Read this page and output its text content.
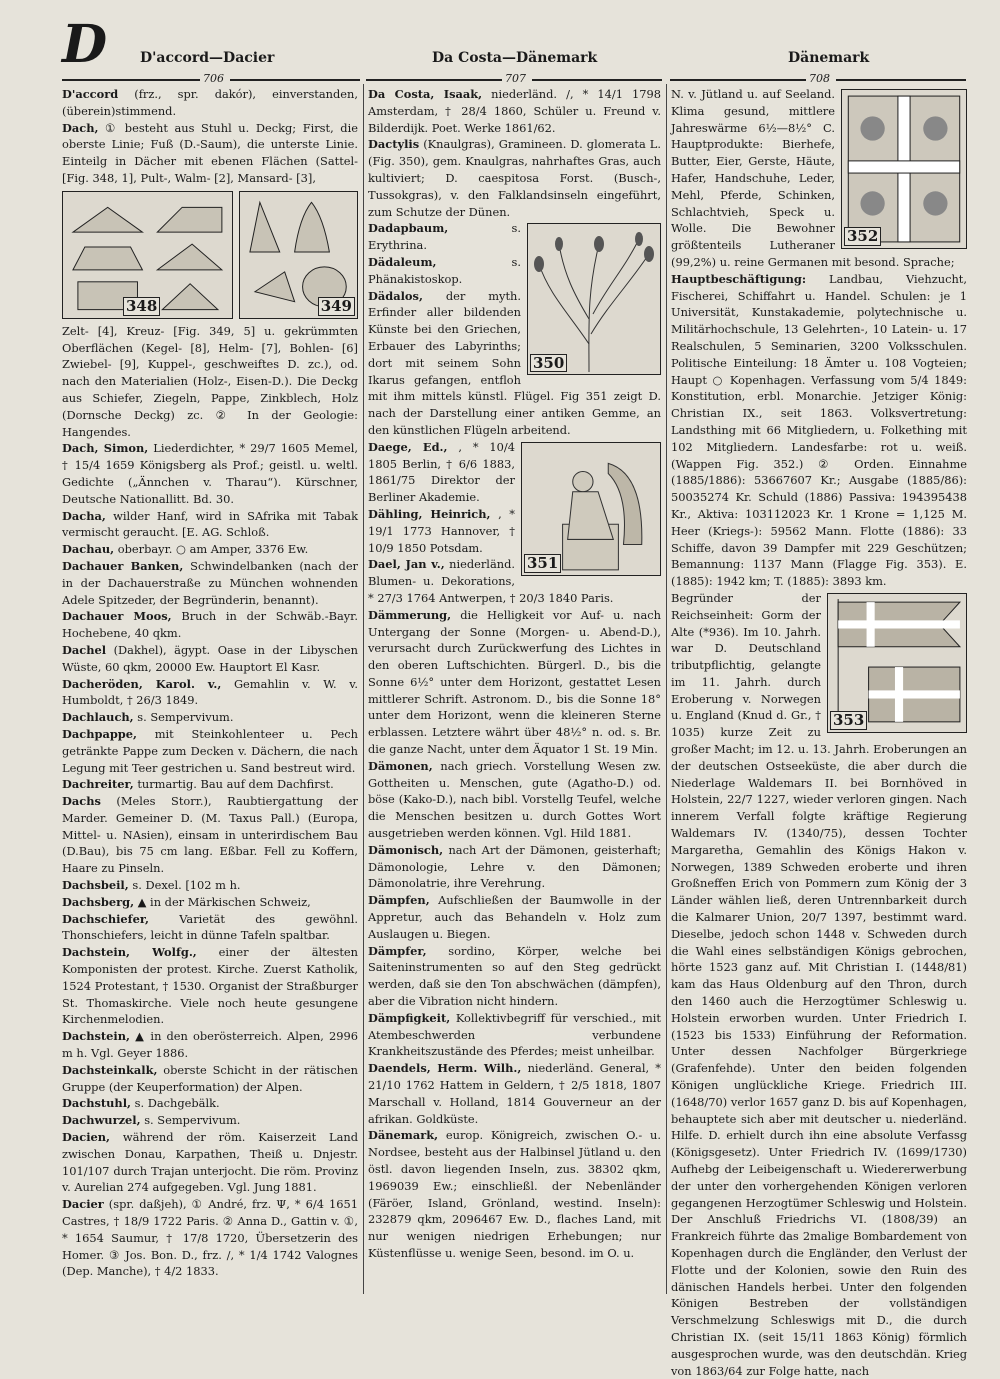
D D'accord—Dacier	Da Costa—Dänemark	Dänemark
706	707	708

D'accord (frz., spr. dakór), einverstanden, (überein)stimmend.

Dach, ① besteht aus Stuhl u. Deckg; First, die oberste Linie; Fuß (D.-Saum), die unterste Linie. Einteilg in Dächer mit ebenen Flächen (Sattel- [Fig. 348, 1], Pult-, Walm- [2], Mansard- [3],

348	349

Zelt- [4], Kreuz- [Fig. 349, 5] u. gekrümmten Oberflächen (Kegel- [8], Helm- [7], Bohlen- [6] Zwiebel- [9], Kuppel-, geschweiftes D. zc.), od. nach den Materialien (Holz-, Eisen-D.). Die Deckg aus Schiefer, Ziegeln, Pappe, Zinkblech, Holz (Dornsche Deckg) zc. ② In der Geologie: Hangendes.

Dach, Simon, Liederdichter, * 29/7 1605 Memel, † 15/4 1659 Königsberg als Prof.; geistl. u. weltl. Gedichte („Ännchen v. Tharau“). Kürschner, Deutsche Nationallitt. Bd. 30.

Dacha, wilder Hanf, wird in SAfrika mit Tabak vermischt geraucht. [E. AG. Schloß.

Dachau, oberbayr. ○ am Amper, 3376 Ew.

Dachauer Banken, Schwindelbanken (nach der in der Dachauerstraße zu München wohnenden Adele Spitzeder, der Begründerin, benannt).

Dachauer Moos, Bruch in der Schwäb.-Bayr. Hochebene, 40 qkm.

Dachel (Dakhel), ägypt. Oase in der Libyschen Wüste, 60 qkm, 20000 Ew. Hauptort El Kasr.

Dacheröden, Karol. v., Gemahlin v. W. v. Humboldt, † 26/3 1849.

Dachlauch, s. Sempervivum.

Dachpappe, mit Steinkohlenteer u. Pech getränkte Pappe zum Decken v. Dächern, die nach Legung mit Teer gestrichen u. Sand bestreut wird.

Dachreiter, turmartig. Bau auf dem Dachfirst.

Dachs (Meles Storr.), Raubtiergattung der Marder. Gemeiner D. (M. Taxus Pall.) (Europa, Mittel- u. NAsien), einsam in unterirdischem Bau (D.Bau), bis 75 cm lang. Eßbar. Fell zu Koffern, Haare zu Pinseln.

Dachsbeil, s. Dexel. [102 m h.

Dachsberg, ▲ in der Märkischen Schweiz,

Dachschiefer, Varietät des gewöhnl. Thonschiefers, leicht in dünne Tafeln spaltbar.

Dachstein, Wolfg., einer der ältesten Komponisten der protest. Kirche. Zuerst Katholik, 1524 Protestant, † 1530. Organist der Straßburger St. Thomaskirche. Viele noch heute gesungene Kirchenmelodien.

Dachstein, ▲ in den oberösterreich. Alpen, 2996 m h. Vgl. Geyer 1886.

Dachsteinkalk, oberste Schicht in der rätischen Gruppe (der Keuperformation) der Alpen.

Dachstuhl, s. Dachgebälk.

Dachwurzel, s. Sempervivum.

Dacien, während der röm. Kaiserzeit Land zwischen Donau, Karpathen, Theiß u. Dnjestr. 101/107 durch Trajan unterjocht. Die röm. Provinz v. Aurelian 274 aufgegeben. Vgl. Jung 1881.

Dacier (spr. daßjeh), ① André, frz. Ψ, * 6/4 1651 Castres, † 18/9 1722 Paris. ② Anna D., Gattin v. ①, * 1654 Saumur, † 17/8 1720, Übersetzerin des Homer. ③ Jos. Bon. D., frz. /, * 1/4 1742 Valognes (Dep. Manche), † 4/2 1833.

Da Costa, Isaak, niederländ. /, * 14/1 1798 Amsterdam, † 28/4 1860, Schüler u. Freund v. Bilderdijk. Poet. Werke 1861/62.

Dactylis (Knaulgras), Gramineen. D. glomerata L. (Fig. 350), gem. Knaulgras, nahrhaftes Gras, auch kultiviert; D. caespitosa Forst. (Busch-, Tussokgras), v. den Falklandsinseln eingeführt, zum Schutze der Dünen.

350

Dadapbaum, s. Erythrina.

Dädaleum, s. Phänakistoskop.

Dädalos, der myth. Erfinder aller bildenden Künste bei den Griechen, Erbauer des Labyrinths; dort mit seinem Sohn Ikarus gefangen, entfloh mit ihm mittels künstl. Flügel. Fig 351 zeigt D. nach der Darstellung einer antiken Gemme, an den künstlichen Flügeln arbeitend.

351

Daege, Ed., , * 10/4 1805 Berlin, † 6/6 1883, 1861/75 Direktor der Berliner Akademie.

Dähling, Heinrich, , * 19/1 1773 Hannover, † 10/9 1850 Potsdam.

Dael, Jan v., niederländ. Blumen- u. Dekorations, * 27/3 1764 Antwerpen, † 20/3 1840 Paris.

Dämmerung, die Helligkeit vor Auf- u. nach Untergang der Sonne (Morgen- u. Abend-D.), verursacht durch Zurückwerfung des Lichtes in den oberen Luftschichten. Bürgerl. D., bis die Sonne 6½° unter dem Horizont, gestattet Lesen mittlerer Schrift. Astronom. D., bis die Sonne 18° unter dem Horizont, wenn die kleineren Sterne erblassen. Letztere währt über 48½° n. od. s. Br. die ganze Nacht, unter dem Äquator 1 St. 19 Min.

Dämonen, nach griech. Vorstellung Wesen zw. Gottheiten u. Menschen, gute (Agatho-D.) od. böse (Kako-D.), nach bibl. Vorstellg Teufel, welche die Menschen besitzen u. durch Gottes Wort ausgetrieben werden können. Vgl. Hild 1881.

Dämonisch, nach Art der Dämonen, geisterhaft; Dämonologie, Lehre v. den Dämonen; Dämonolatrie, ihre Verehrung.

Dämpfen, Aufschließen der Baumwolle in der Appretur, auch das Behandeln v. Holz zum Auslaugen u. Biegen.

Dämpfer, sordino, Körper, welche bei Saiteninstrumenten so auf den Steg gedrückt werden, daß sie den Ton abschwächen (dämpfen), aber die Vibration nicht hindern.

Dämpfigkeit, Kollektivbegriff für verschied., mit Atembeschwerden verbundene Krankheitszustände des Pferdes; meist unheilbar.

Daendels, Herm. Wilh., niederländ. General, * 21/10 1762 Hattem in Geldern, † 2/5 1818, 1807 Marschall v. Holland, 1814 Gouverneur an der afrikan. Goldküste.

Dänemark, europ. Königreich, zwischen O.- u. Nordsee, besteht aus der Halbinsel Jütland u. den östl. davon liegenden Inseln, zus. 38302 qkm, 1969039 Ew.; einschließl. der Nebenländer (Färöer, Island, Grönland, westind. Inseln): 232879 qkm, 2096467 Ew. D., flaches Land, mit nur wenigen niedrigen Erhebungen; nur Küstenflüsse u. wenige Seen, besond. im O. u.

352

N. v. Jütland u. auf Seeland. Klima gesund, mittlere Jahreswärme 6½—8½° C. Hauptprodukte: Bierhefe, Butter, Eier, Gerste, Häute, Hafer, Handschuhe, Leder, Mehl, Pferde, Schinken, Schlachtvieh, Speck u. Wolle. Die Bewohner größtenteils Lutheraner (99,2%) u. reine Germanen mit besond. Sprache;

Hauptbeschäftigung: Landbau, Viehzucht, Fischerei, Schiffahrt u. Handel. Schulen: je 1 Universität, Kunstakademie, polytechnische u. Militärhochschule, 13 Gelehrten-, 10 Latein- u. 17 Realschulen, 5 Seminarien, 3200 Volksschulen. Politische Einteilung: 18 Ämter u. 108 Vogteien; Haupt ○ Kopenhagen. Verfassung vom 5/4 1849: Konstitution, erbl. Monarchie. Jetziger König: Christian IX., seit 1863. Volksvertretung: Landsthing mit 66 Mitgliedern, u. Folkething mit 102 Mitgliedern. Landesfarbe: rot u. weiß. (Wappen Fig. 352.) ② Orden. Einnahme (1885/1886): 53667607 Kr.; Ausgabe (1885/86): 50035274 Kr. Schuld (1886) Passiva: 194395438 Kr., Aktiva: 103112023 Kr. 1 Krone = 1,125 M. Heer (Kriegs-): 59562 Mann. Flotte (1886): 33 Schiffe, davon 39 Dampfer mit 229 Geschützen; Bemannung: 1137 Mann (Flagge Fig. 353). E. (1885): 1942 km; T. (1885): 3893 km.

353

Begründer der Reichseinheit: Gorm der Alte (*936). Im 10. Jahrh. war D. Deutschland tributpflichtig, gelangte im 11. Jahrh. durch Eroberung v. Norwegen u. England (Knud d. Gr., † 1035) kurze Zeit zu großer Macht; im 12. u. 13. Jahrh. Eroberungen an der deutschen Ostseeküste, die aber durch die Niederlage Waldemars II. bei Bornhöved in Holstein, 22/7 1227, wieder verloren gingen. Nach innerem Verfall folgte kräftige Regierung Waldemars IV. (1340/75), dessen Tochter Margaretha, Gemahlin des Königs Hakon v. Norwegen, 1389 Schweden eroberte und ihren Großneffen Erich von Pommern zum König der 3 Länder wählen ließ, deren Untrennbarkeit durch die Kalmarer Union, 20/7 1397, bestimmt ward. Dieselbe, jedoch schon 1448 v. Schweden durch die Wahl eines selbständigen Königs gebrochen, hörte 1523 ganz auf. Mit Christian I. (1448/81) kam das Haus Oldenburg auf den Thron, durch den 1460 auch die Herzogtümer Schleswig u. Holstein erworben wurden. Unter Friedrich I. (1523 bis 1533) Einführung der Reformation. Unter dessen Nachfolger Bürgerkriege (Grafenfehde). Unter den beiden folgenden Königen unglückliche Kriege. Friedrich III. (1648/70) verlor 1657 ganz D. bis auf Kopenhagen, behauptete sich aber mit deutscher u. niederländ. Hilfe. D. erhielt durch ihn eine absolute Verfassg (Königsgesetz). Unter Friedrich IV. (1699/1730) Aufhebg der Leibeigenschaft u. Wiedererwerbung der unter den vorhergehenden Königen verloren gegangenen Herzogtümer Schleswig und Holstein. Der Anschluß Friedrichs VI. (1808/39) an Frankreich führte das 2malige Bombardement von Kopenhagen durch die Engländer, den Verlust der Flotte und der Kolonien, sowie den Ruin des dänischen Handels herbei. Unter den folgenden Königen Bestreben der vollständigen Verschmelzung Schleswigs mit D., die durch Christian IX. (seit 15/11 1863 König) förmlich ausgesprochen wurde, was den deutschdän. Krieg von 1863/64 zur Folge hatte, nach
